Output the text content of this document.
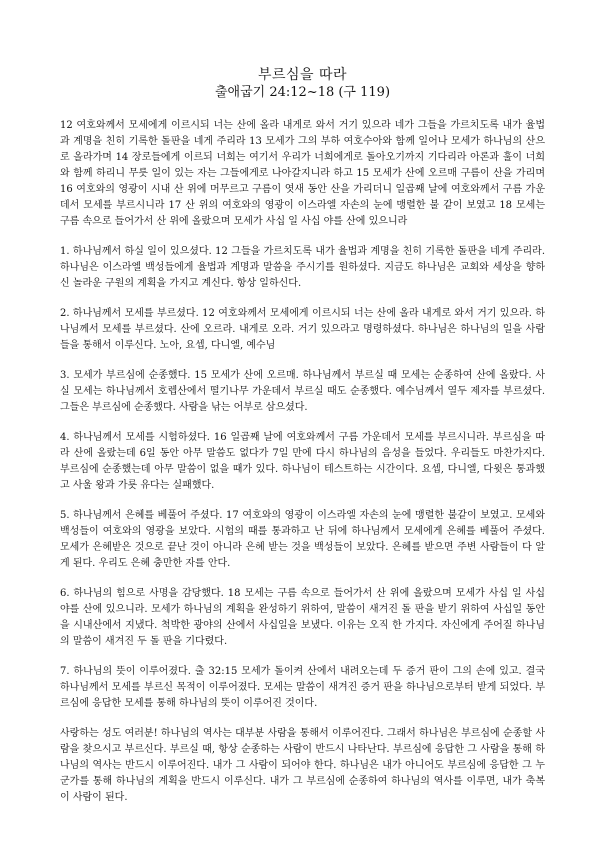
부르심을 따라
출애굽기 24:12~18 (구 119)

12 여호와께서 모세에게 이르시되 너는 산에 올라 내게로 와서 거기 있으라 네가 그들을 가르치도록 내가 율법과 계명을 친히 기록한 돌판을 네게 주리라 13 모세가 그의 부하 여호수아와 함께 일어나 모세가 하나님의 산으로 올라가며 14 장로들에게 이르되 너희는 여기서 우리가 너희에게로 돌아오기까지 기다리라 아론과 훌이 너희와 함께 하리니 무릇 일이 있는 자는 그들에게로 나아갈지니라 하고 15 모세가 산에 오르매 구름이 산을 가리며 16 여호와의 영광이 시내 산 위에 머무르고 구름이 엿새 동안 산을 가리더니 일곱째 날에 여호와께서 구름 가운데서 모세를 부르시니라 17 산 위의 여호와의 영광이 이스라엘 자손의 눈에 맹렬한 불 같이 보였고 18 모세는 구름 속으로 들어가서 산 위에 올랐으며 모세가 사십 일 사십 야를 산에 있으니라

1. 하나님께서 하실 일이 있으셨다. 12 그들을 가르치도록 내가 율법과 계명을 친히 기록한 돌판을 네게 주리라. 하나님은 이스라엘 백성들에게 율법과 계명과 말씀을 주시기를 원하셨다. 지금도 하나님은 교회와 세상을 향하신 놀라운 구원의 계획을 가지고 계신다. 항상 일하신다.

2. 하나님께서 모세를 부르셨다. 12 여호와께서 모세에게 이르시되 너는 산에 올라 내게로 와서 거기 있으라. 하나님께서 모세를 부르셨다. 산에 오르라. 내게로 오라. 거기 있으라고 명령하셨다. 하나님은 하나님의 일을 사람들을 통해서 이루신다. 노아, 요셉, 다니엘, 예수님

3. 모세가 부르심에 순종했다. 15 모세가 산에 오르매. 하나님께서 부르실 때 모세는 순종하여 산에 올랐다. 사실 모세는 하나님께서 호렙산에서 떨기나무 가운데서 부르실 때도 순종했다. 예수님께서 열두 제자를 부르셨다. 그들은 부르심에 순종했다. 사람을 낚는 어부로 삼으셨다.

4. 하나님께서 모세를 시험하셨다. 16 일곱째 날에 여호와께서 구름 가운데서 모세를 부르시니라. 부르심을 따라 산에 올랐는데 6일 동안 아무 말씀도 없다가 7일 만에 다시 하나님의 음성을 들었다. 우리들도 마찬가지다. 부르심에 순종했는데 아무 말씀이 없을 때가 있다. 하나님이 테스트하는 시간이다. 요셉, 다니엘, 다윗은 통과했고 사울 왕과 가룟 유다는 실패했다.

5. 하나님께서 은혜를 베풀어 주셨다. 17 여호와의 영광이 이스라엘 자손의 눈에 맹렬한 불같이 보였고. 모세와 백성들이 여호와의 영광을 보았다. 시험의 때를 통과하고 난 뒤에 하나님께서 모세에게 은혜를 베풀어 주셨다. 모세가 은혜받은 것으로 끝난 것이 아니라 은혜 받는 것을 백성들이 보았다. 은혜를 받으면 주변 사람들이 다 알게 된다. 우리도 은혜 충만한 자를 안다.

6. 하나님의 힘으로 사명을 감당했다. 18 모세는 구름 속으로 들어가서 산 위에 올랐으며 모세가 사십 일 사십 야를 산에 있으니라. 모세가 하나님의 계획을 완성하기 위하여, 말씀이 새겨진 돌 판을 받기 위하여 사십일 동안을 시내산에서 지냈다. 척박한 광야의 산에서 사십일을 보냈다. 이유는 오직 한 가지다. 자신에게 주어질 하나님의 말씀이 새겨진 두 돌 판을 기다렸다.

7. 하나님의 뜻이 이루어졌다. 출 32:15 모세가 돌이켜 산에서 내려오는데 두 증거 판이 그의 손에 있고. 결국 하나님께서 모세를 부르신 목적이 이루어졌다. 모세는 말씀이 새겨진 증거 판을 하나님으로부터 받게 되었다. 부르심에 응답한 모세를 통해 하나님의 뜻이 이루어진 것이다.

사랑하는 성도 여러분! 하나님의 역사는 대부분 사람을 통해서 이루어진다. 그래서 하나님은 부르심에 순종할 사람을 찾으시고 부르신다. 부르실 때, 항상 순종하는 사람이 반드시 나타난다. 부르심에 응답한 그 사람을 통해 하나님의 역사는 반드시 이루어진다. 내가 그 사람이 되어야 한다. 하나님은 내가 아니어도 부르심에 응답한 그 누군가를 통해 하나님의 계획을 반드시 이루신다. 내가 그 부르심에 순종하여 하나님의 역사를 이루면, 내가 축복이 사람이 된다.
